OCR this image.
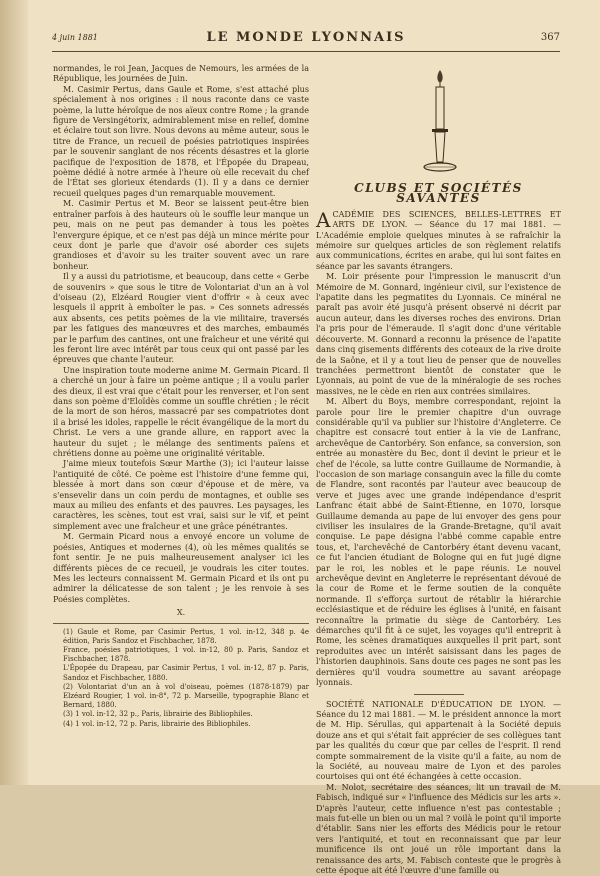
4 juin 1881	LE MONDE LYONNAIS	367

normandes, le roi Jean, Jacques de Nemours, les armées de la République, les journées de Juin.

M. Casimir Pertus, dans Gaule et Rome, s'est attaché plus spécialement à nos origines : il nous raconte dans ce vaste poème, la lutte héroïque de nos aïeux contre Rome ; la grande figure de Versingétorix, admirablement mise en relief, domine et éclaire tout son livre. Nous devons au même auteur, sous le titre de France, un recueil de poésies patriotiques inspirées par le souvenir sanglant de nos récents désastres et la glorie pacifique de l'exposition de 1878, et l'Épopée du Drapeau, poème dédié à notre armée à l'heure où elle recevait du chef de l'État ses glorieux étendards (1). Il y a dans ce dernier recueil quelques pages d'un remarquable mouvement.

M. Casimir Pertus et M. Beor se laissent peut-être bien entraîner parfois à des hauteurs où le souffle leur manque un peu, mais on ne peut pas demander à tous les poètes l'envergure épique, et ce n'est pas déjà un mince mérite pour ceux dont je parle que d'avoir osé aborder ces sujets grandioses et d'avoir su les traiter souvent avec un rare bonheur.

Il y a aussi du patriotisme, et beaucoup, dans cette « Gerbe de souvenirs » que sous le titre de Volontariat d'un an à vol d'oiseau (2), Elzéard Rougier vient d'offrir « à ceux avec lesquels il apprit à emboîter le pas. » Ces sonnets adressés aux absents, ces petits poèmes de la vie militaire, traversés par les fatigues des manœuvres et des marches, embaumés par le parfum des cantines, ont une fraîcheur et une vérité qui les feront lire avec intérêt par tous ceux qui ont passé par les épreuves que chante l'auteur.

Une inspiration toute moderne anime M. Germain Picard. Il a cherché un jour à faire un poème antique ; il a voulu parler des dieux, il est vrai que c'était pour les renverser, et l'on sent dans son poème d'Eloïdès comme un souffle chrétien ; le récit de la mort de son héros, massacré par ses compatriotes dont il a brisé les idoles, rappelle le récit évangélique de la mort du Christ. Le vers a une grande allure, en rapport avec la hauteur du sujet ; le mélange des sentiments païens et chrétiens donne au poème une originalité véritable.

J'aime mieux toutefois Sœur Marthe (3); ici l'auteur laisse l'antiquité de côté. Ce poème est l'histoire d'une femme qui, blessée à mort dans son cœur d'épouse et de mère, va s'ensevelir dans un coin perdu de montagnes, et oublie ses maux au milieu des enfants et des pauvres. Les paysages, les caractères, les scènes, tout est vrai, saisi sur le vif, et peint simplement avec une fraîcheur et une grâce pénétrantes.

M. Germain Picard nous a envoyé encore un volume de poésies, Antiques et modernes (4), où les mêmes qualités se font sentir. Je ne puis malheureusement analyser ici les différents pièces de ce recueil, je voudrais les citer toutes. Mes les lecteurs connaissent M. Germain Picard et ils ont pu admirer la délicatesse de son talent ; je les renvoie à ses Poésies complètes.

X.

(1) Gaule et Rome, par Casimir Pertus, 1 vol. in-12, 348 p. 4e édition, Paris Sandoz et Fischbacher, 1878.

France, poésies patriotiques, 1 vol. in-12, 80 p. Paris, Sandoz et Fischbacher, 1878.

L'Épopée du Drapeau, par Casimir Pertus, 1 vol. in-12, 87 p. Paris, Sandoz et Fischbacher, 1880.

(2) Volontariat d'un an à vol d'oiseau, poèmes (1878-1879) par Elzéard Rougier, 1 vol. in-8°, 72 p. Marseille, typographie Blanc et Bernard, 1880.

(3) 1 vol. in-12, 32 p., Paris, librairie des Bibliophiles.

(4) 1 vol. in-12, 72 p. Paris, librairie des Bibliophiles.

CLUBS ET SOCIÉTÉS SAVANTES

ACADÉMIE DES SCIENCES, BELLES-LETTRES ET ARTS DE LYON. — Séance du 17 mai 1881. — L'Académie emploie quelques minutes à se rafraîchir la mémoire sur quelques articles de son règlement relatifs aux communications, écrites en arabe, qui lui sont faites en séance par les savants étrangers.

M. Loir présente pour l'impression le manuscrit d'un Mémoire de M. Gonnard, ingénieur civil, sur l'existence de l'apatite dans les pegmatites du Lyonnais. Ce minéral ne paraît pas avoir été jusqu'à présent observé ni décrit par aucun auteur, dans les diverses roches des environs. Drian l'a pris pour de l'émeraude. Il s'agit donc d'une véritable découverte. M. Gonnard a reconnu la présence de l'apatite dans cinq gisements différents des coteaux de la rive droite de la Saône, et il y a tout lieu de penser que de nouvelles tranchées permettront bientôt de constater que le Lyonnais, au point de vue de la minéralogie de ses roches massives, ne le cède en rien aux contrées similaires.

M. Albert du Boys, membre correspondant, rejoint la parole pour lire le premier chapitre d'un ouvrage considérable qu'il va publier sur l'histoire d'Angleterre. Ce chapitre est consacré tout entier à la vie de Lanfranc, archevêque de Cantorbéry. Son enfance, sa conversion, son entrée au monastère du Bec, dont il devint le prieur et le chef de l'école, sa lutte contre Guillaume de Normandie, à l'occasion de son mariage consanguin avec la fille du comte de Flandre, sont racontés par l'auteur avec beaucoup de verve et juges avec une grande indépendance d'esprit Lanfranc était abbé de Saint-Étienne, en 1070, lorsque Guillaume demanda au pape de lui envoyer des gens pour civiliser les insulaires de la Grande-Bretagne, qu'il avait conquise. Le pape désigna l'abbé comme capable entre tous, et, l'archevêché de Cantorbéry étant devenu vacant, ce fut l'ancien étudiant de Bologne qui en fut jugé digne par le roi, les nobles et le pape réunis. Le nouvel archevêque devint en Angleterre le représentant dévoué de la cour de Rome et le ferme soutien de la conquête normande. Il s'efforça surtout de rétablir la hiérarchie ecclésiastique et de réduire les églises à l'unité, en faisant reconnaître la primatie du siège de Cantorbéry. Les démarches qu'il fit à ce sujet, les voyages qu'il entreprit à Rome, les scènes dramatiques auxquelles il prit part, sont reproduites avec un intérêt saisissant dans les pages de l'historien dauphinois. Sans doute ces pages ne sont pas les dernières qu'il voudra soumettre au savant aréopage lyonnais.

SOCIÉTÉ NATIONALE D'ÉDUCATION DE LYON. — Séance du 12 mai 1881. — M. le président annonce la mort de M. Hip. Sérullas, qui appartenait à la Société depuis douze ans et qui s'était fait apprécier de ses collègues tant par les qualités du cœur que par celles de l'esprit. Il rend compte sommairement de la visite qu'il a faite, au nom de la Société, au nouveau maire de Lyon et des paroles courtoises qui ont été échangées à cette occasion.

M. Nolot, secrétaire des séances, lit un travail de M. Fabisch, indiqué sur « l'influence des Médicis sur les arts ». D'après l'auteur, cette influence n'est pas contestable ; mais fut-elle un bien ou un mal ? voilà le point qu'il importe d'établir. Sans nier les efforts des Médicis pour le retour vers l'antiquité, et tout en reconnaissant que par leur munificence ils ont joué un rôle important dans la renaissance des arts, M. Fabisch conteste que le progrès à cette époque ait été l'œuvre d'une famille ou
